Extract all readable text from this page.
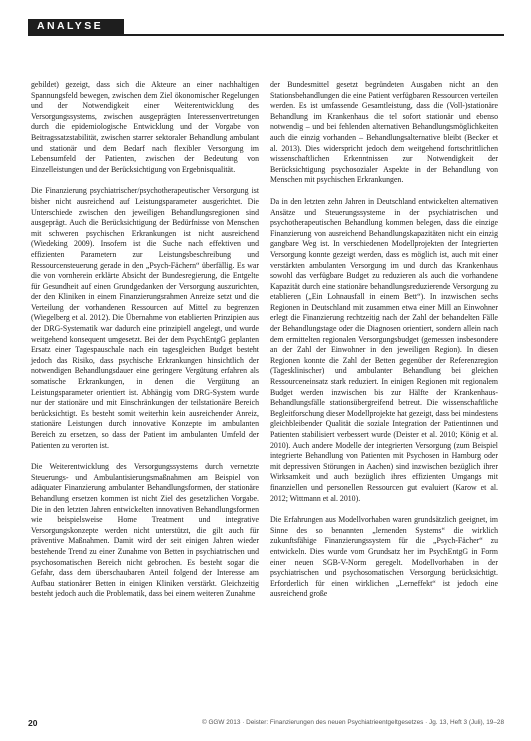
ANALYSE

gebildet) gezeigt, dass sich die Akteure an einer nachhaltigen Spannungsfeld bewegen, zwischen dem Ziel ökonomischer Regelungen und der Notwendigkeit einer Weiterentwicklung des Versorgungssystems, zwischen ausgeprägten Interessenvertretungen durch die epidemiologische Entwicklung und der Vorgabe von Beitragssatzstabilität, zwischen starrer sektoraler Behandlung ambulant und stationär und dem Bedarf nach flexibler Versorgung im Lebensumfeld der Patienten, zwischen der Bedeutung von Einzelleistungen und der Berücksichtigung von Ergebnisqualität.

Die Finanzierung psychiatrischer/psychotherapeutischer Versorgung ist bisher nicht ausreichend auf Leistungsparameter ausgerichtet. Die Unterschiede zwischen den jeweiligen Behandlungsregionen sind ausgeprägt. Auch die Berücksichtigung der Bedürfnisse von Menschen mit schweren psychischen Erkrankungen ist nicht ausreichend (Wiedeking 2009). Insofern ist die Suche nach effektiven und effizienten Parametern zur Leistungsbeschreibung und Ressourcensteuerung gerade in den „Psych-Fächern“ überfällig. Es war die von vornherein erklärte Absicht der Bundesregierung, die Entgelte für Gesundheit auf einen Grundgedanken der Versorgung auszurichten, der den Kliniken in einem Finanzierungsrahmen Anreize setzt und die Verteilung der vorhandenen Ressourcen auf Mittel zu begrenzen (Wiegelberg et al. 2012). Die Übernahme von etablierten Prinzipien aus der DRG-Systematik war dadurch eine prinzipiell angelegt, und wurde weitgehend konsequent umgesetzt. Bei der dem PsychEntgG geplanten Ersatz einer Tagespauschale nach ein tagesgleichen Budget besteht jedoch das Risiko, dass psychische Erkrankungen hinsichtlich der notwendigen Behandlungsdauer eine geringere Vergütung erfahren als somatische Erkrankungen, in denen die Vergütung an Leistungsparameter orientiert ist. Abhängig vom DRG-System wurde nur der stationäre und mit Einschränkungen der teilstationäre Bereich berücksichtigt. Es besteht somit weiterhin kein ausreichender Anreiz, stationäre Leistungen durch innovative Konzepte im ambulanten Bereich zu ersetzen, so dass der Patient im ambulanten Umfeld der Patienten zu verorten ist.

Die Weiterentwicklung des Versorgungssystems durch vernetzte Steuerungs- und Ambulantisierungsmaßnahmen am Beispiel von adäquater Finanzierung ambulanter Behandlungsformen, der stationäre Behandlung ersetzen kommen ist nicht Ziel des gesetzlichen Vorgabe. Die in den letzten Jahren entwickelten innovativen Behandlungsformen wie beispielsweise Home Treatment und integrative Versorgungskonzepte werden nicht unterstützt, die gilt auch für präventive Maßnahmen. Damit wird der seit einigen Jahren wieder bestehende Trend zu einer Zunahme von Betten in psychiatrischen und psychosomatischen Bereich nicht gebrochen. Es besteht sogar die Gefahr, dass dem überschaubaren Anteil folgend der Interesse am Aufbau stationärer Betten in einigen Kliniken verstärkt. Gleichzeitig besteht jedoch auch die Problematik, dass bei einem weiteren Zunahme

der Bundesmittel gesetzt begründeten Ausgaben nicht an den Stationsbehandlungen die eine Patient verfügbaren Ressourcen verteilen werden. Es ist umfassende Gesamtleistung, dass die (Voll-)stationäre Behandlung im Krankenhaus die tel sofort stationär und ebenso notwendig – und bei fehlenden alternativen Behandlungsmöglichkeiten auch die einzig vorhanden – Behandlungsalternative bleibt (Becker et al. 2013). Dies widerspricht jedoch dem weitgehend fortschrittlichen wissenschaftlichen Erkenntnissen zur Notwendigkeit der Berücksichtigung psychosozialer Aspekte in der Behandlung von Menschen mit psychischen Erkrankungen.

Da in den letzten zehn Jahren in Deutschland entwickelten alternativen Ansätze und Steuerungssysteme in der psychiatrischen und psychotherapeutischen Behandlung kommen belegen, dass die einzige Finanzierung von ausreichend Behandlungskapazitäten nicht ein einzig gangbare Weg ist. In verschiedenen Modellprojekten der Integrierten Versorgung konnte gezeigt werden, dass es möglich ist, auch mit einer verstärkten ambulanten Versorgung im und durch das Krankenhaus sowohl das verfügbare Budget zu reduzieren als auch die vorhandene Kapazität durch eine stationäre behandlungsreduzierende Versorgung zu etablieren („Ein Lohnausfall in einem Bett“). In inzwischen sechs Regionen in Deutschland mit zusammen etwa einer Mill an Einwohner erlegt die Finanzierung rechtzeitig nach der Zahl der behandelten Fälle der Behandlungstage oder die Diagnosen orientiert, sondern allein nach dem ermittelten regionalen Versorgungsbudget (gemessen insbesondere an der Zahl der Einwohner in den jeweiligen Region). In diesen Regionen konnte die Zahl der Betten gegenüber der Referenzregion (Tagesklinischer) und ambulanter Behandlung bei gleichen Ressourceneinsatz stark reduziert. In einigen Regionen mit regionalem Budget werden inzwischen bis zur Hälfte der Krankenhaus-Behandlungsfälle stationsübergreifend betreut. Die wissenschaftliche Begleitforschung dieser Modellprojekte hat gezeigt, dass bei mindestens gleichbleibender Qualität die soziale Integration der Patientinnen und Patienten stabilisiert verbessert wurde (Deister et al. 2010; König et al. 2010). Auch andere Modelle der integrierten Versorgung (zum Beispiel integrierte Behandlung von Patienten mit Psychosen in Hamburg oder mit depressiven Störungen in Aachen) sind inzwischen bezüglich ihrer Wirksamkeit und auch bezüglich ihres effizienten Umgangs mit finanziellen und personellen Ressourcen gut evaluiert (Karow et al. 2012; Wittmann et al. 2010).

Die Erfahrungen aus Modellvorhaben waren grundsätzlich geeignet, im Sinne des so benannten „lernenden Systems“ die wirklich zukunftsfähige Finanzierungssystem für die „Psych-Fächer“ zu entwickeln. Dies wurde vom Grundsatz her im PsychEntgG in Form einer neuen SGB-V-Norm geregelt. Modellvorhaben in der psychiatrischen und psychosomatischen Versorgung berücksichtigt. Erforderlich für einen wirklichen „Lerneffekt“ ist jedoch eine ausreichend große

20	© GGW 2013 · Deister: Finanzierungen des neuen Psychiatrieentgeltgesetzes · Jg. 13, Heft 3 (Juli), 19–28
